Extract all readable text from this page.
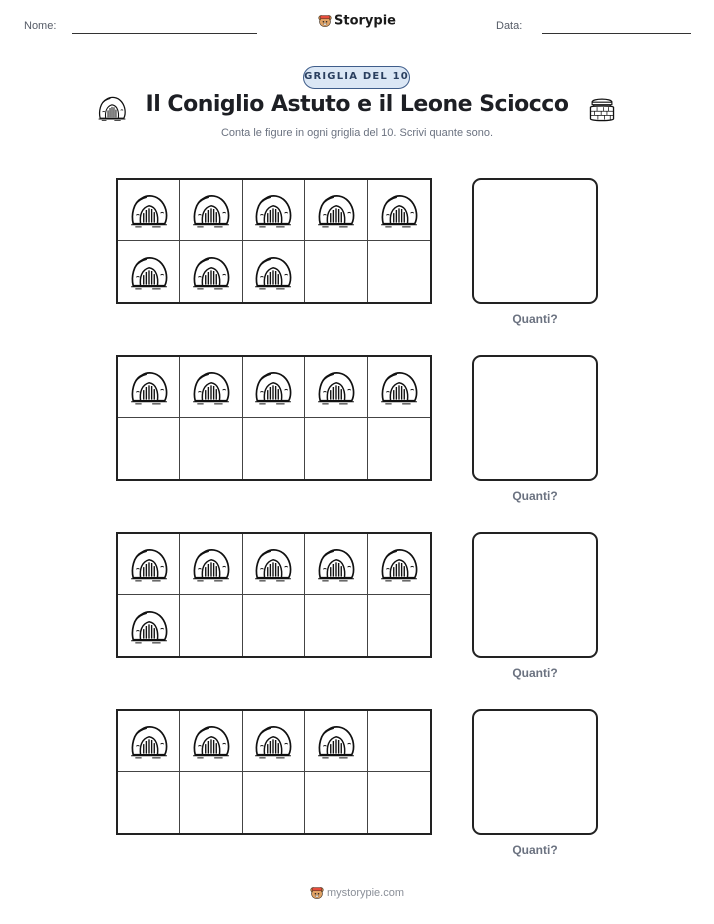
Nome:	Storypie	Data:
GRIGLIA DEL 10
Il Coniglio Astuto e il Leone Sciocco
Conta le figure in ogni griglia del 10. Scrivi quante sono.
Quanti?
Quanti?
Quanti?
Quanti?
mystorypie.com
